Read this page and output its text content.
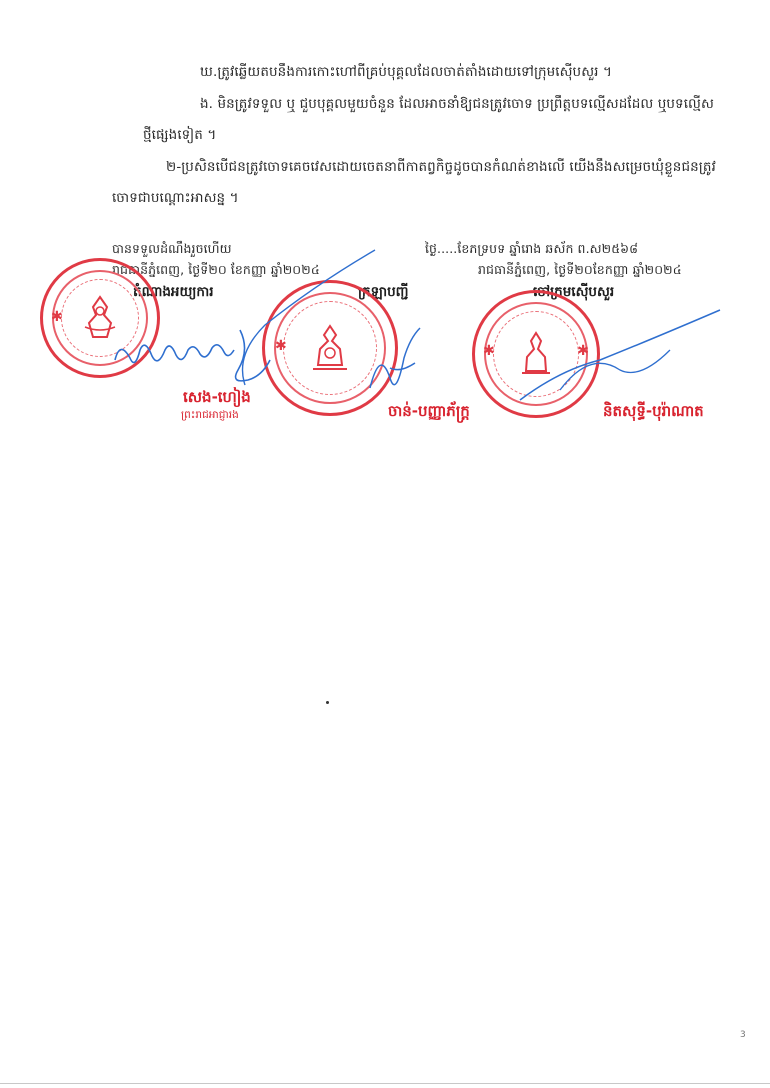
ឃ.ត្រូវឆ្លើយតបនឹងការកោះហៅពីគ្រប់បុគ្គលដែលចាត់តាំងដោយទៅក្រុមស៊ើបសួរ ។
ង. មិនត្រូវទទួល ឬ ជួបបុគ្គលមួយចំនួន ដែលអាចនាំឱ្យជនត្រូវចោទ ប្រព្រឹត្តបទល្មើសដដែល ឬបទល្មើស
ថ្មីផ្សេងទៀត ។
២-ប្រសិនបើជនត្រូវចោទគេចវេសដោយចេតនាពីកាតព្វកិច្ចដូចបានកំណត់ខាងលើ យើងនឹងសម្រេចឃុំខ្លួនជនត្រូវ
ចោទជាបណ្តោះអាសន្ន ។
បានទទួលដំណឹងរួចហើយ
រាជធានីភ្នំពេញ, ថ្ងៃទី២០ ខែកញ្ញា ឆ្នាំ២០២៤
តំណាងអយ្យការ
ថ្ងៃ.....ខែភទ្របទ ឆ្នាំរោង ឆស័ក ព.ស២៥៦៨
រាជធានីភ្នំពេញ, ថ្ងៃទី២០ខែកញ្ញា ឆ្នាំ២០២៤
ចៅក្រមស៊ើបសួរ
ក្រឡាបញ្ជី
✱
✱	✱	✱
សេង-ហៀង
ព្រះរាជអាជ្ញារង	ចាន់-បញ្ញាភ័ក្ត្រ	និតសុទ្ធី-បុរ៉ាណាត
3
